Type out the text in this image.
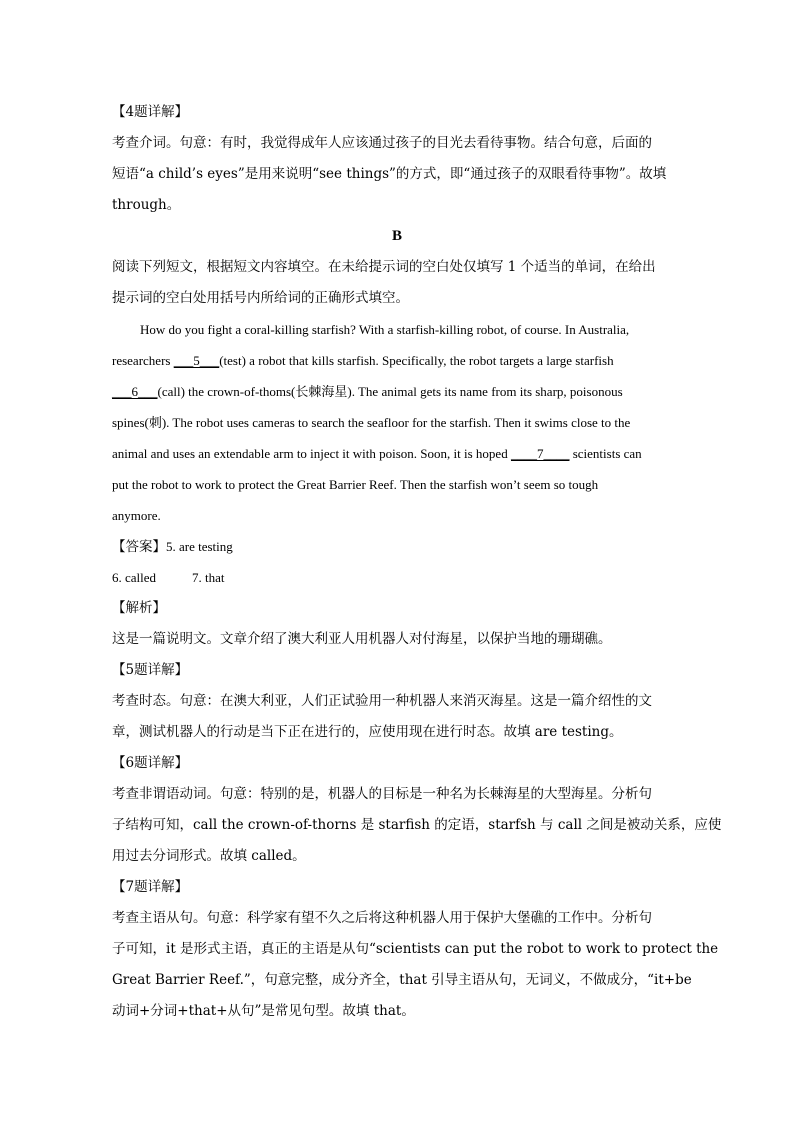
【4题详解】
考查介词。句意：有时，我觉得成年人应该通过孩子的目光去看待事物。结合句意，后面的
短语“a child’s eyes”是用来说明“see things”的方式，即“通过孩子的双眼看待事物”。故填
through。
B
阅读下列短文，根据短文内容填空。在未给提示词的空白处仅填写 1 个适当的单词，在给出
提示词的空白处用括号内所给词的正确形式填空。
How do you fight a coral-killing starfish? With a starfish-killing robot, of course. In Australia,
researchers ___5___(test) a robot that kills starfish. Specifically, the robot targets a large starfish
___6___(call) the crown-of-thoms(长棘海星). The animal gets its name from its sharp, poisonous
spines(刺). The robot uses cameras to search the seafloor for the starfish. Then it swims close to the
animal and uses an extendable arm to inject it with poison. Soon, it is hoped ____7____ scientists can
put the robot to work to protect the Great Barrier Reef. Then the starfish won’t seem so tough
anymore.
【答案】5. are testing
6. called	7. that
【解析】
这是一篇说明文。文章介绍了澳大利亚人用机器人对付海星，以保护当地的珊瑚礁。
【5题详解】
考查时态。句意：在澳大利亚，人们正试验用一种机器人来消灭海星。这是一篇介绍性的文
章，测试机器人的行动是当下正在进行的，应使用现在进行时态。故填 are testing。
【6题详解】
考查非谓语动词。句意：特别的是，机器人的目标是一种名为长棘海星的大型海星。分析句
子结构可知，call the crown-of-thorns 是 starfish 的定语，starfsh 与 call 之间是被动关系，应使
用过去分词形式。故填 called。
【7题详解】
考查主语从句。句意：科学家有望不久之后将这种机器人用于保护大堡礁的工作中。分析句
子可知，it 是形式主语，真正的主语是从句“scientists can put the robot to work to protect the
Great Barrier Reef.”，句意完整，成分齐全，that 引导主语从句，无词义，不做成分，“it+be
动词+分词+that+从句”是常见句型。故填 that。
